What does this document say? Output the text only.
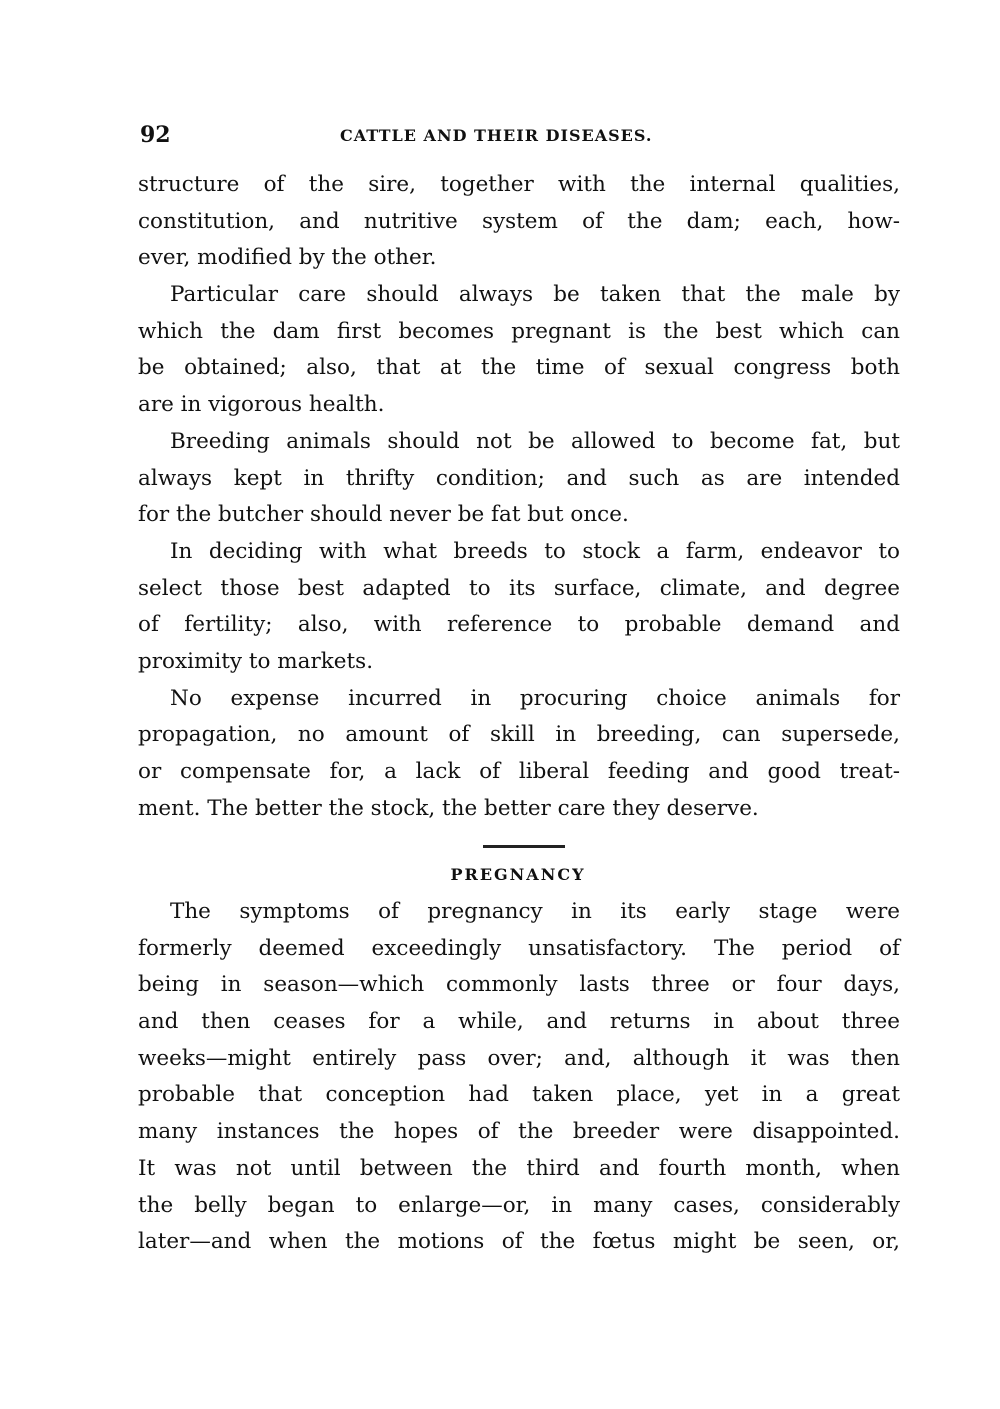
92	CATTLE AND THEIR DISEASES.
structure of the sire, together with the internal qualities,
constitution, and nutritive system of the dam; each, how-
ever, modified by the other.
Particular care should always be taken that the male by
which the dam first becomes pregnant is the best which can
be obtained; also, that at the time of sexual congress both
are in vigorous health.
Breeding animals should not be allowed to become fat, but
always kept in thrifty condition; and such as are intended
for the butcher should never be fat but once.
In deciding with what breeds to stock a farm, endeavor to
select those best adapted to its surface, climate, and degree
of fertility; also, with reference to probable demand and
proximity to markets.
No expense incurred in procuring choice animals for
propagation, no amount of skill in breeding, can supersede,
or compensate for, a lack of liberal feeding and good treat-
ment. The better the stock, the better care they deserve.
PREGNANCY
The symptoms of pregnancy in its early stage were
formerly deemed exceedingly unsatisfactory. The period of
being in season—which commonly lasts three or four days,
and then ceases for a while, and returns in about three
weeks—might entirely pass over; and, although it was then
probable that conception had taken place, yet in a great
many instances the hopes of the breeder were disappointed.
It was not until between the third and fourth month, when
the belly began to enlarge—or, in many cases, considerably
later—and when the motions of the fœtus might be seen, or,
